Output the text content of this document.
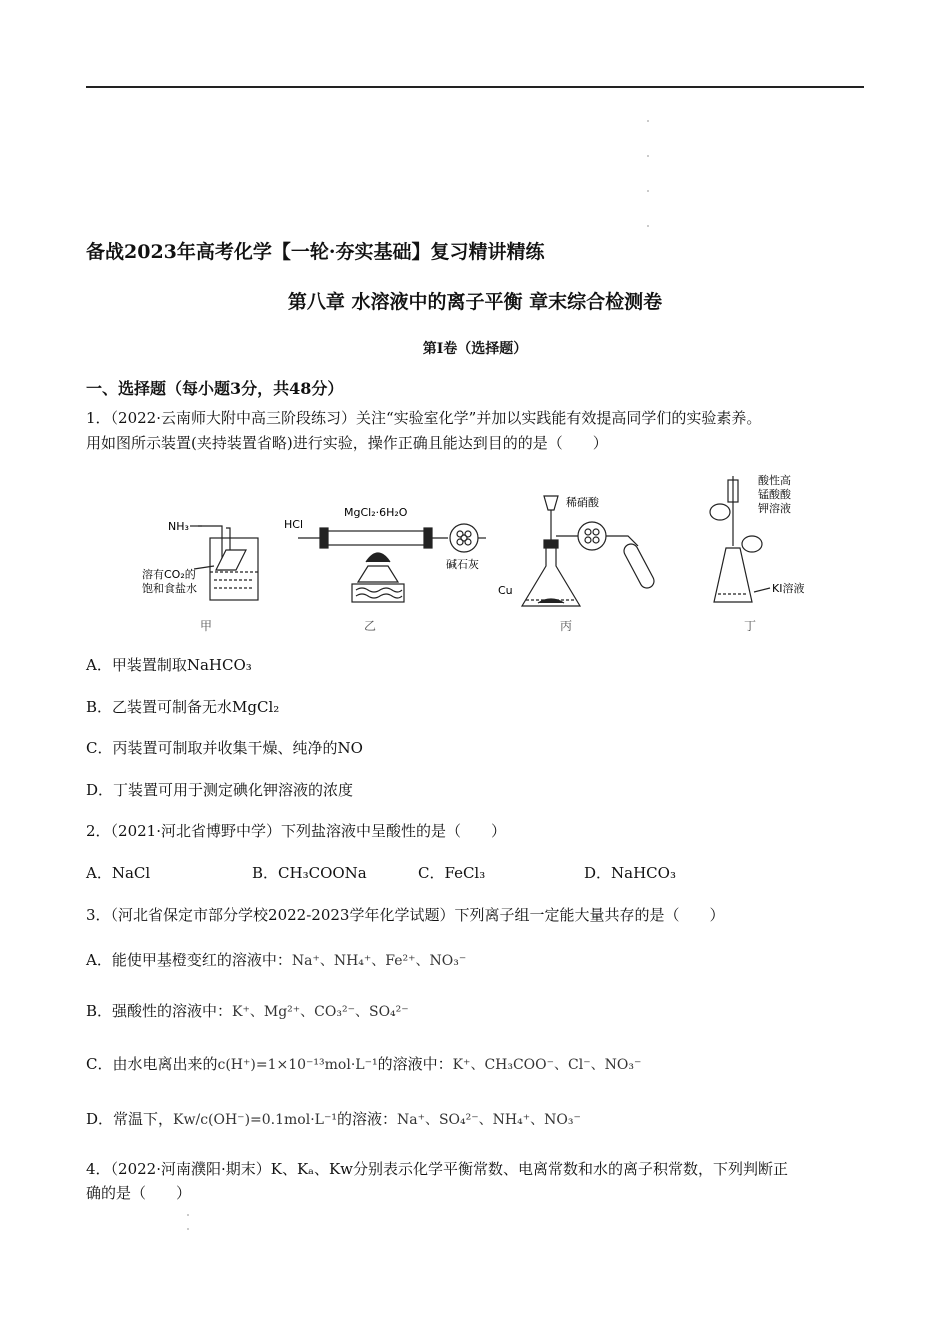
备战2023年高考化学【一轮·夯实基础】复习精讲精练
第八章 水溶液中的离子平衡 章末综合检测卷
第I卷（选择题）
一、选择题（每小题3分，共48分）
1．（2022·云南师大附中高三阶段练习）关注“实验室化学”并加以实践能有效提高同学们的实验素养。
用如图所示装置(夹持装置省略)进行实验，操作正确且能达到目的的是（　　）
NH₃
溶有CO₂的
饱和食盐水
HCl
MgCl₂·6H₂O
碱石灰
稀硝酸
Cu
酸性高
锰酸酸
钾溶液
KI溶液
甲	乙	丙	丁
A．甲装置制取NaHCO₃
B．乙装置可制备无水MgCl₂
C．丙装置可制取并收集干燥、纯净的NO
D．丁装置可用于测定碘化钾溶液的浓度
2．（2021·河北省博野中学）下列盐溶液中呈酸性的是（　　）
A．NaCl	B．CH₃COONa	C．FeCl₃	D．NaHCO₃
3．（河北省保定市部分学校2022-2023学年化学试题）下列离子组一定能大量共存的是（　　）
A．能使甲基橙变红的溶液中：Na⁺、NH₄⁺、Fe²⁺、NO₃⁻
B．强酸性的溶液中：K⁺、Mg²⁺、CO₃²⁻、SO₄²⁻
C．由水电离出来的c(H⁺)=1×10⁻¹³mol·L⁻¹的溶液中：K⁺、CH₃COO⁻、Cl⁻、NO₃⁻
D．常温下，Kw/c(OH⁻)=0.1mol·L⁻¹的溶液：Na⁺、SO₄²⁻、NH₄⁺、NO₃⁻
4．（2022·河南濮阳·期末）K、Kₐ、Kw分别表示化学平衡常数、电离常数和水的离子积常数，下列判断正
确的是（　　）
